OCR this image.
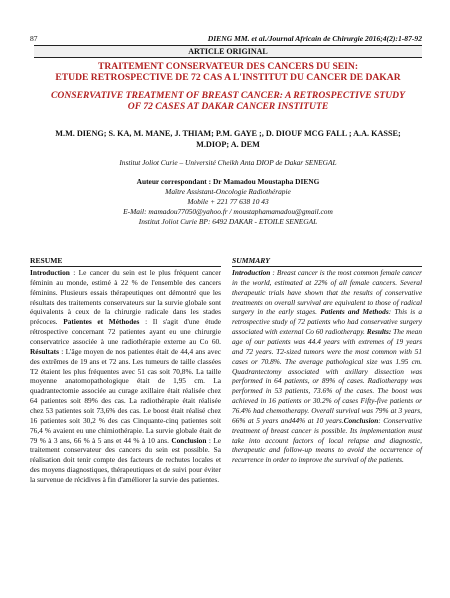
87	DIENG MM. et al./Journal Africain de Chirurgie 2016;4(2):1-87-92
ARTICLE ORIGINAL
TRAITEMENT CONSERVATEUR DES CANCERS DU SEIN:
ETUDE RETROSPECTIVE DE 72 CAS A L'INSTITUT DU CANCER DE DAKAR
CONSERVATIVE TREATMENT OF BREAST CANCER: A RETROSPECTIVE STUDY
OF 72 CASES AT DAKAR CANCER INSTITUTE
M.M. DIENG; S. KA, M. MANE, J. THIAM; P.M. GAYE ;, D. DIOUF MCG FALL ; A.A. KASSE;
M.DIOP; A. DEM
Institut Joliot Curie – Université Cheikh Anta DIOP de Dakar SENEGAL
Auteur correspondant : Dr Mamadou Moustapha DIENG
Maître Assistant-Oncologie Radiothérapie
Mobile + 221 77 638 10 43
E-Mail: mamadou77050@yahoo.fr / moustaphamamadou@gmail.com
Institut Joliot Curie BP: 6492 DAKAR - ETOILE SENEGAL
RESUME

Introduction : Le cancer du sein est le plus fréquent cancer féminin au monde, estimé à 22 % de l'ensemble des cancers féminins. Plusieurs essais thérapeutiques ont démontré que les résultats des traitements conservateurs sur la survie globale sont équivalents à ceux de la chirurgie radicale dans les stades précoces. Patientes et Méthodes : Il s'agit d'une étude rétrospective concernant 72 patientes ayant eu une chirurgie conservatrice associée à une radiothérapie externe au Co 60. Résultats : L'âge moyen de nos patientes était de 44,4 ans avec des extrêmes de 19 ans et 72 ans. Les tumeurs de taille classées T2 étaient les plus fréquentes avec 51 cas soit 70,8%. La taille moyenne anatomopathologique était de 1,95 cm. La quadrantectomie associée au curage axillaire était réalisée chez 64 patientes soit 89% des cas. La radiothérapie était réalisée chez 53 patientes soit 73,6% des cas. Le boost était réalisé chez 16 patientes soit 30,2 % des cas Cinquante-cinq patientes soit 76,4 % avaient eu une chimiothérapie. La survie globale était de 79 % à 3 ans, 66 % à 5 ans et 44 % à 10 ans. Conclusion : Le traitement conservateur des cancers du sein est possible. Sa réalisation doit tenir compte des facteurs de rechutes locales et des moyens diagnostiques, thérapeutiques et de suivi pour éviter la survenue de récidives à fin d'améliorer la survie des patientes.

SUMMARY

Introduction : Breast cancer is the most common female cancer in the world, estimated at 22% of all female cancers. Several therapeutic trials have shown that the results of conservative treatments on overall survival are equivalent to those of radical surgery in the early stages. Patients and Methods: This is a retrospective study of 72 patients who had conservative surgery associated with external Co 60 radiotherapy. Results: The mean age of our patients was 44.4 years with extremes of 19 years and 72 years. T2-sized tumors were the most common with 51 cases or 70.8%. The average pathological size was 1.95 cm. Quadrantectomy associated with axillary dissection was performed in 64 patients, or 89% of cases. Radiotherapy was performed in 53 patients, 73.6% of the cases. The boost was achieved in 16 patients or 30.2% of cases Fifty-five patients or 76.4% had chemotherapy. Overall survival was 79% at 3 years, 66% at 5 years and44% at 10 years.Conclusion: Conservative treatment of breast cancer is possible. Its implementation must take into account factors of local relapse and diagnostic, therapeutic and follow-up means to avoid the occurrence of recurrence in order to improve the survival of the patients.
